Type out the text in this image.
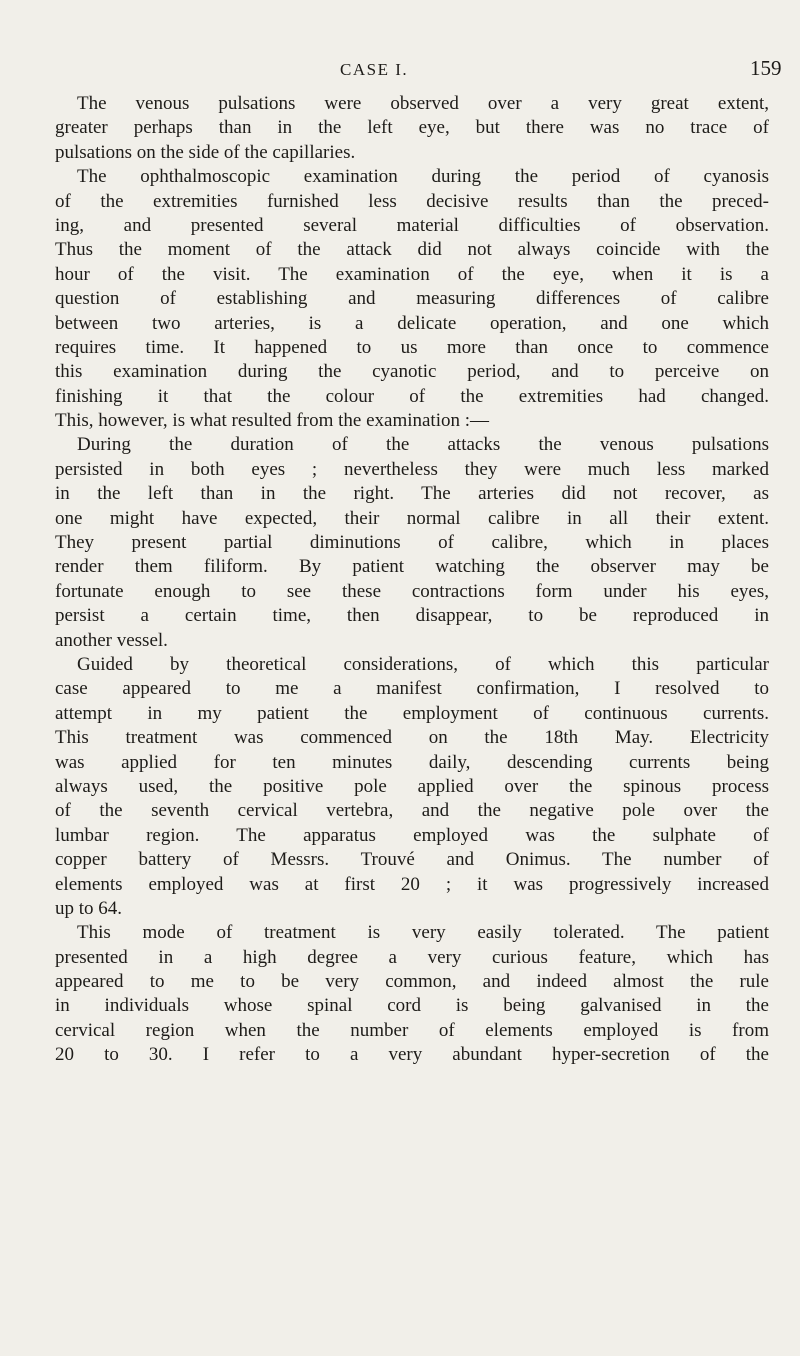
CASE I.	159
The venous pulsations were observed over a very great extent,
greater perhaps than in the left eye, but there was no trace of
pulsations on the side of the capillaries.
The ophthalmoscopic examination during the period of cyanosis
of the extremities furnished less decisive results than the preced-
ing, and presented several material difficulties of observation.
Thus the moment of the attack did not always coincide with the
hour of the visit. The examination of the eye, when it is a
question of establishing and measuring differences of calibre
between two arteries, is a delicate operation, and one which
requires time. It happened to us more than once to commence
this examination during the cyanotic period, and to perceive on
finishing it that the colour of the extremities had changed.
This, however, is what resulted from the examination :—
During the duration of the attacks the venous pulsations
persisted in both eyes ; nevertheless they were much less marked
in the left than in the right. The arteries did not recover, as
one might have expected, their normal calibre in all their extent.
They present partial diminutions of calibre, which in places
render them filiform. By patient watching the observer may be
fortunate enough to see these contractions form under his eyes,
persist a certain time, then disappear, to be reproduced in
another vessel.
Guided by theoretical considerations, of which this particular
case appeared to me a manifest confirmation, I resolved to
attempt in my patient the employment of continuous currents.
This treatment was commenced on the 18th May. Electricity
was applied for ten minutes daily, descending currents being
always used, the positive pole applied over the spinous process
of the seventh cervical vertebra, and the negative pole over the
lumbar region. The apparatus employed was the sulphate of
copper battery of Messrs. Trouvé and Onimus. The number of
elements employed was at first 20 ; it was progressively increased
up to 64.
This mode of treatment is very easily tolerated. The patient
presented in a high degree a very curious feature, which has
appeared to me to be very common, and indeed almost the rule
in individuals whose spinal cord is being galvanised in the
cervical region when the number of elements employed is from
20 to 30. I refer to a very abundant hyper-secretion of the
